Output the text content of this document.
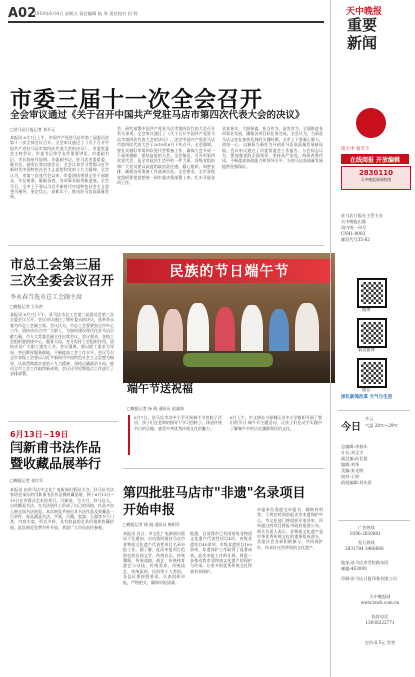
A02
2018年6月8日 星期五 责任编辑 陆 琴 责任校对 田 野
市委三届十一次全会召开
全会审议通过《关于召开中国共产党驻马店市第四次代表大会的决议》
□驻马店日报记者 刘开元
本报讯 6月7日上午，中国共产党驻马店市第三届委员会第十一次全体会议召开。全会审议通过了《关于召开中国共产党驻马店市第四次代表大会的决议》。市委常委会主持会议，市委书记余学友作重要讲话，市委副书记、市长陈星作说明。市委副书记、驻马店市委常委、秘书长、副市长等出席会议。全会认真学习贯彻习近平新时代中国特色社会主义思想和党的十九大精神，全会认为，市第三次党代会以来，市委团结带领全市干部群众，牢记使命，砥砺奋进，各项事业取得新进展。全会号召，全市上下要以习近平新时代中国特色社会主义思想为指导，坚定信心，真抓实干，推动驻马店高质量发展。
会，研究部署中国共产党驻马店市第四次代表大会召开有关事项。全会审议通过了《关于召开中国共产党驻马店市第四次代表大会的决议》，决定中国共产党驻马店市第四次代表大会于2018年6月下旬召开。全会强调，要扎实做好市第四次党代会筹备工作，确保大会开成一个高举旗帜、团结奋进的大会。全会指出，召开市第四次党代会，是全市政治生活中的一件大事，各级党组织和广大党员要以高度的政治责任感，精心组织，周密安排，确保各项筹备工作落到实处。全会要求，全市各级党组织要把思想统一到市委决策部署上来，扎实开展各项工作。
求真务实、大胆探索，担当作为、奋发有为，全面推进各项事业发展，确保各项目标任务完成。全会认为，当前驻马店正处在加快发展的关键时期，全市上下要凝心聚力、团结一心，以新担当新作为开创驻马店高质量发展新局面。会议审议通过了市委常委会工作报告。与会同志认为，要加强党的全面领导，坚持从严治党，持续改善作风，不断提高执政能力和领导水平，为驻马店高质量发展提供坚强保证。
市总工会第三届
三次全委会议召开
李永春当选市总工会副主席
□晚报记者 王东洪
本报讯 6月7日下午，驻马店市总工会第三届委员会第三次全委会议召开。会议审议通过了增补委员的决议，选举李永春为市总工会副主席。会议认为，市总工会要紧扣全市中心工作，团结动员全市广大职工，为加快建设现代化驻马店贡献力量。市人大常委会副主任出席会议。会议要求，各级工会组织要围绕中心、服务大局，充分发挥工会组织作用，团结动员广大职工建功立业。会议强调，要以职工需求为导向，突出维权服务职能，不断提高工会工作水平。会议号召全市各级工会要以习近平新时代中国特色社会主义思想为指导，认真贯彻落实党的十九大精神，坚持正确政治方向，推动全市工会工作取得新成效。会议还对近期重点工作进行了安排部署。
6月13日~19日
闫新甫书法作品
暨收藏品展举行
□晚报记者 张红军
本报讯 由驻马店市文化广电新闻出版局主办，驻马店书法家协会承办的闫新甫书法作品暨收藏品展，将于6月13日~19日在市群众艺术馆举行。闫新甫，号古月，驻马店人，自幼酷爱书法，在书法创作上形成了自己的风格，作品多次入展全国书法展览。本次展览共展出其书法作品及收藏品一百余件，展品涵盖书法、字画、古籍、瓷器、玉器等多个门类，内容丰富，形式多样，具有较高的艺术价值和收藏价值。此次展览免费对外开放，欢迎广大市民前往参观。
民族的节日端午节
端午节送祝福
□晚报记者 杨 晓 通讯员 赵减海
6月7日，驻马店市各中小学开展端午节包粽子活动，孩子们在老师的指导下学习包粽子，体验传统节日的乐趣，感受中华优秀传统文化的魅力。
6月上午，市文明办与驿城区各中小学组织开展了我们的节日·端午节主题活动，让孩子们在动手实践中了解端午节的历史渊源和民俗文化。
第四批驻马店市"非遗"名录项目
开始申报
□晚报记者 杨 晓 通讯员 韩相军
本报讯 近日，市文化广电新闻出版局下发通知，启动第四批驻马店市非物质文化遗产代表性项目名录申报工作。据了解，此次申报项目范围包括民间文学、传统音乐、传统舞蹈、传统戏剧、曲艺、传统体育游艺与杂技、传统美术、传统技艺、传统医药、民俗等十大类别。各县区要按照要求，认真组织申报，严格把关，确保申报质量。
据悉，目前我市已有国家级非物质文化遗产代表性项目4项，省级非遗项目40余项，市级非遗项目100余项，非遗保护工作取得了显著成效。此次申报工作的开展，将进一步推动我市非物质文化遗产的保护与传承，让更多的优秀传统文化得到有效保护。
申报单位需提交申报书、辅助材料等，于规定时间前报送市非遗保护中心。市文化部门将组织专家评审，评审通过的项目将报市政府批准公布。相关负责人表示，非物质文化遗产是中华优秀传统文化的重要组成部分，希望社会各界积极参与，共同保护好、传承好这些珍贵的文化遗产。
天中晚报
重要
新闻
读天中 看天下
在线阅报 开放编辑
2830110
天中晚报新闻热线
驻马店日报社主管主办
天中晚报出版
国内统一刊号
CN41-0083
邮发代号35-82
微博
新浪微博
微信
深化新闻改革 天气与生活
今日
多云
气温 28℃~29℃
总编辑:李春年
社长:刘文学
副总编:侯长旭
编辑:刘华
美编:张光明
校对:王明
值班编辑:刘庆贺
广告热线
0396-2830081
发行热线
2831784 3466666
地址:驻马店市雪松路东段
邮编:463000
印刷:驻马店日报印务有限公司
天中晚报网
www.tzwb.com.cn
投诉电话
13938322771
定价:0.5元 零售
